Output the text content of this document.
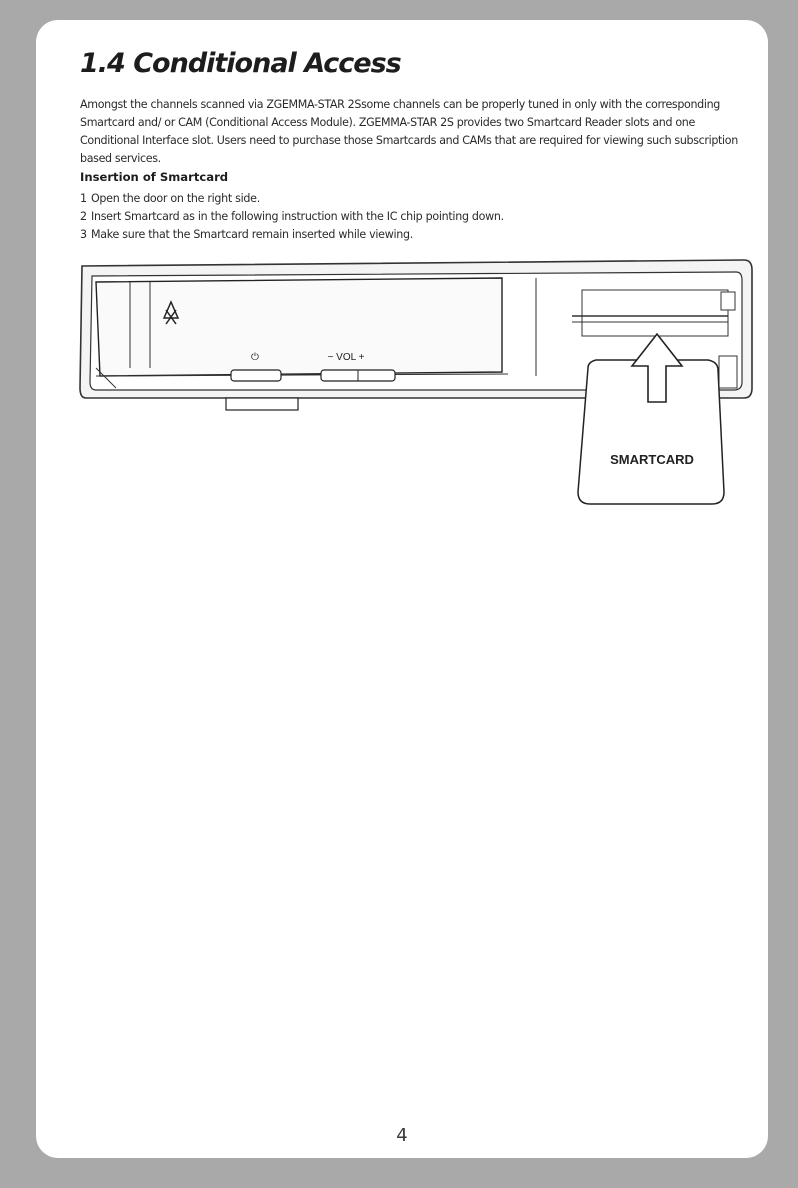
1.4 Conditional Access

Amongst the channels scanned via ZGEMMA-STAR 2Ssome channels can be properly tuned in only with the corresponding Smartcard and/ or CAM (Conditional Access Module). ZGEMMA-STAR 2S provides two Smartcard Reader slots and one Conditional Interface slot. Users need to purchase those Smartcards and CAMs that are required for viewing such subscription based services.

Insertion of Smartcard
1 Open the door on the right side.
2 Insert Smartcard as in the following instruction with the IC chip pointing down.
3 Make sure that the Smartcard remain inserted while viewing.
⏻	− VOL +
SMARTCARD
4
